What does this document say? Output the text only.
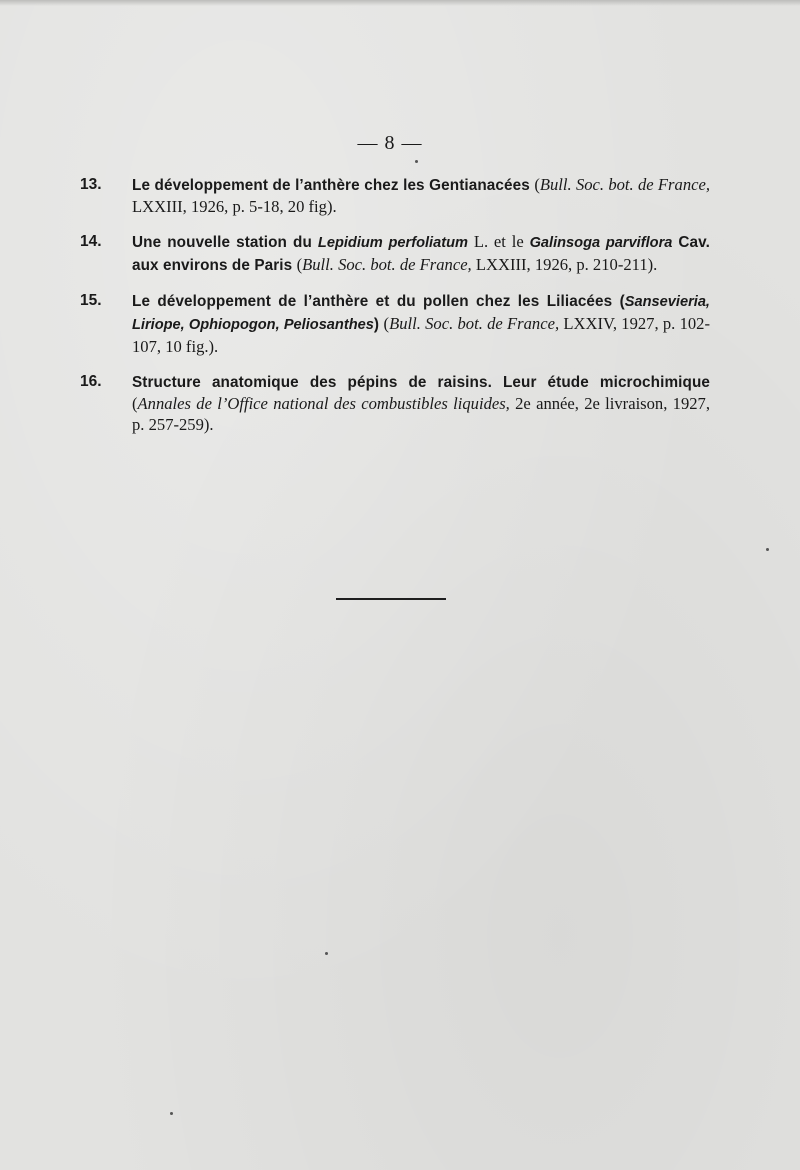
— 8 —
13. Le développement de l’anthère chez les Gentianacées (Bull. Soc. bot. de France, LXXIII, 1926, p. 5-18, 20 fig).
14. Une nouvelle station du Lepidium perfoliatum L. et le Galinsoga parviflora Cav. aux environs de Paris (Bull. Soc. bot. de France, LXXIII, 1926, p. 210-211).
15. Le développement de l’anthère et du pollen chez les Liliacées (Sansevieria, Liriope, Ophiopogon, Peliosanthes) (Bull. Soc. bot. de France, LXXIV, 1927, p. 102-107, 10 fig.).
16. Structure anatomique des pépins de raisins. Leur étude microchimique (Annales de l’Office national des combustibles liquides, 2e année, 2e livraison, 1927, p. 257-259).
